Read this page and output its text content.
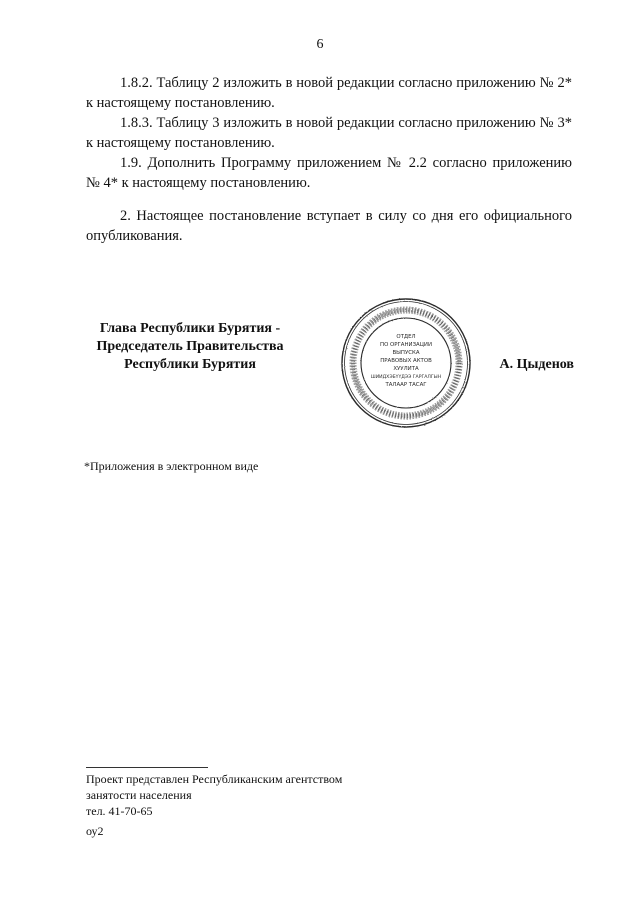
6

1.8.2. Таблицу 2 изложить в новой редакции согласно приложению № 2* к настоящему постановлению.

1.8.3. Таблицу 3 изложить в новой редакции согласно приложению № 3* к настоящему постановлению.

1.9. Дополнить Программу приложением № 2.2 согласно приложению № 4* к настоящему постановлению.

2. Настоящее постановление вступает в силу со дня его официального опубликования.

Глава Республики Бурятия -
Председатель Правительства
Республики Бурятия
ОТДЕЛ
ПО ОРГАНИЗАЦИИ
ВЫПУСКА
ПРАВОВЫХ АКТОВ
ХУУЛИТА
ШИИДХЭБҮҮДЭЭ ГАРГАЛГЫН
ТАЛААР ТАСАГ
А. Цыденов
*Приложения в электронном виде
Проект представлен Республиканским агентством
занятости населения
тел. 41-70-65
оу2
